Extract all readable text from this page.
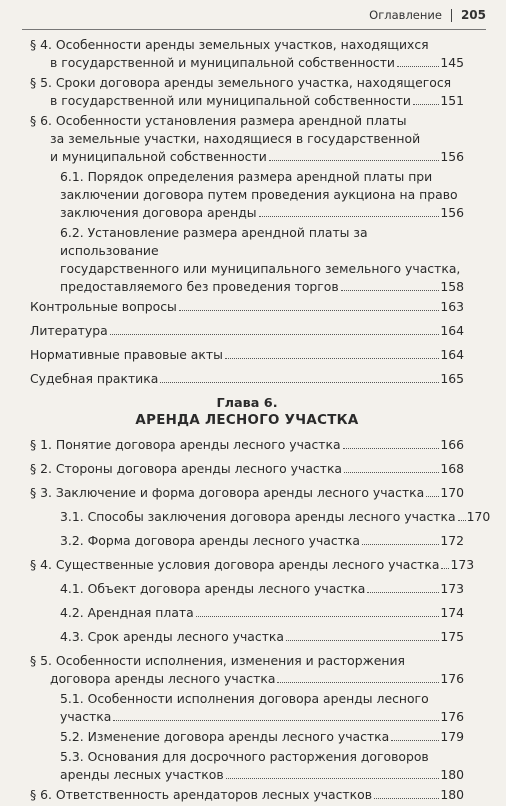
Оглавление 205
§ 4. Особенности аренды земельных участков, находящихся
в государственной и муниципальной собственности	145
§ 5. Сроки договора аренды земельного участка, находящегося
в государственной или муниципальной собственности 151
§ 6. Особенности установления размера арендной платы
за земельные участки, находящиеся в государственной
и муниципальной собственности	156
6.1. Порядок определения размера арендной платы при
заключении договора путем проведения аукциона на право
заключения договора аренды	156
6.2. Установление размера арендной платы за использование
государственного или муниципального земельного участка,
предоставляемого без проведения торгов	158
Контрольные вопросы	163
Литература	164
Нормативные правовые акты	164
Судебная практика	165
Глава 6.
АРЕНДА ЛЕСНОГО УЧАСТКА
§ 1. Понятие договора аренды лесного участка	166
§ 2. Стороны договора аренды лесного участка	168
§ 3. Заключение и форма договора аренды лесного участка 170
3.1. Способы заключения договора аренды лесного участка 170
3.2. Форма договора аренды лесного участка	172
§ 4. Существенные условия договора аренды лесного участка 173
4.1. Объект договора аренды лесного участка	173
4.2. Арендная плата	174
4.3. Срок аренды лесного участка	175
§ 5. Особенности исполнения, изменения и расторжения
договора аренды лесного участка	176
5.1. Особенности исполнения договора аренды лесного
участка	176
5.2. Изменение договора аренды лесного участка	179
5.3. Основания для досрочного расторжения договоров
аренды лесных участков	180
§ 6. Ответственность арендаторов лесных участков	180
